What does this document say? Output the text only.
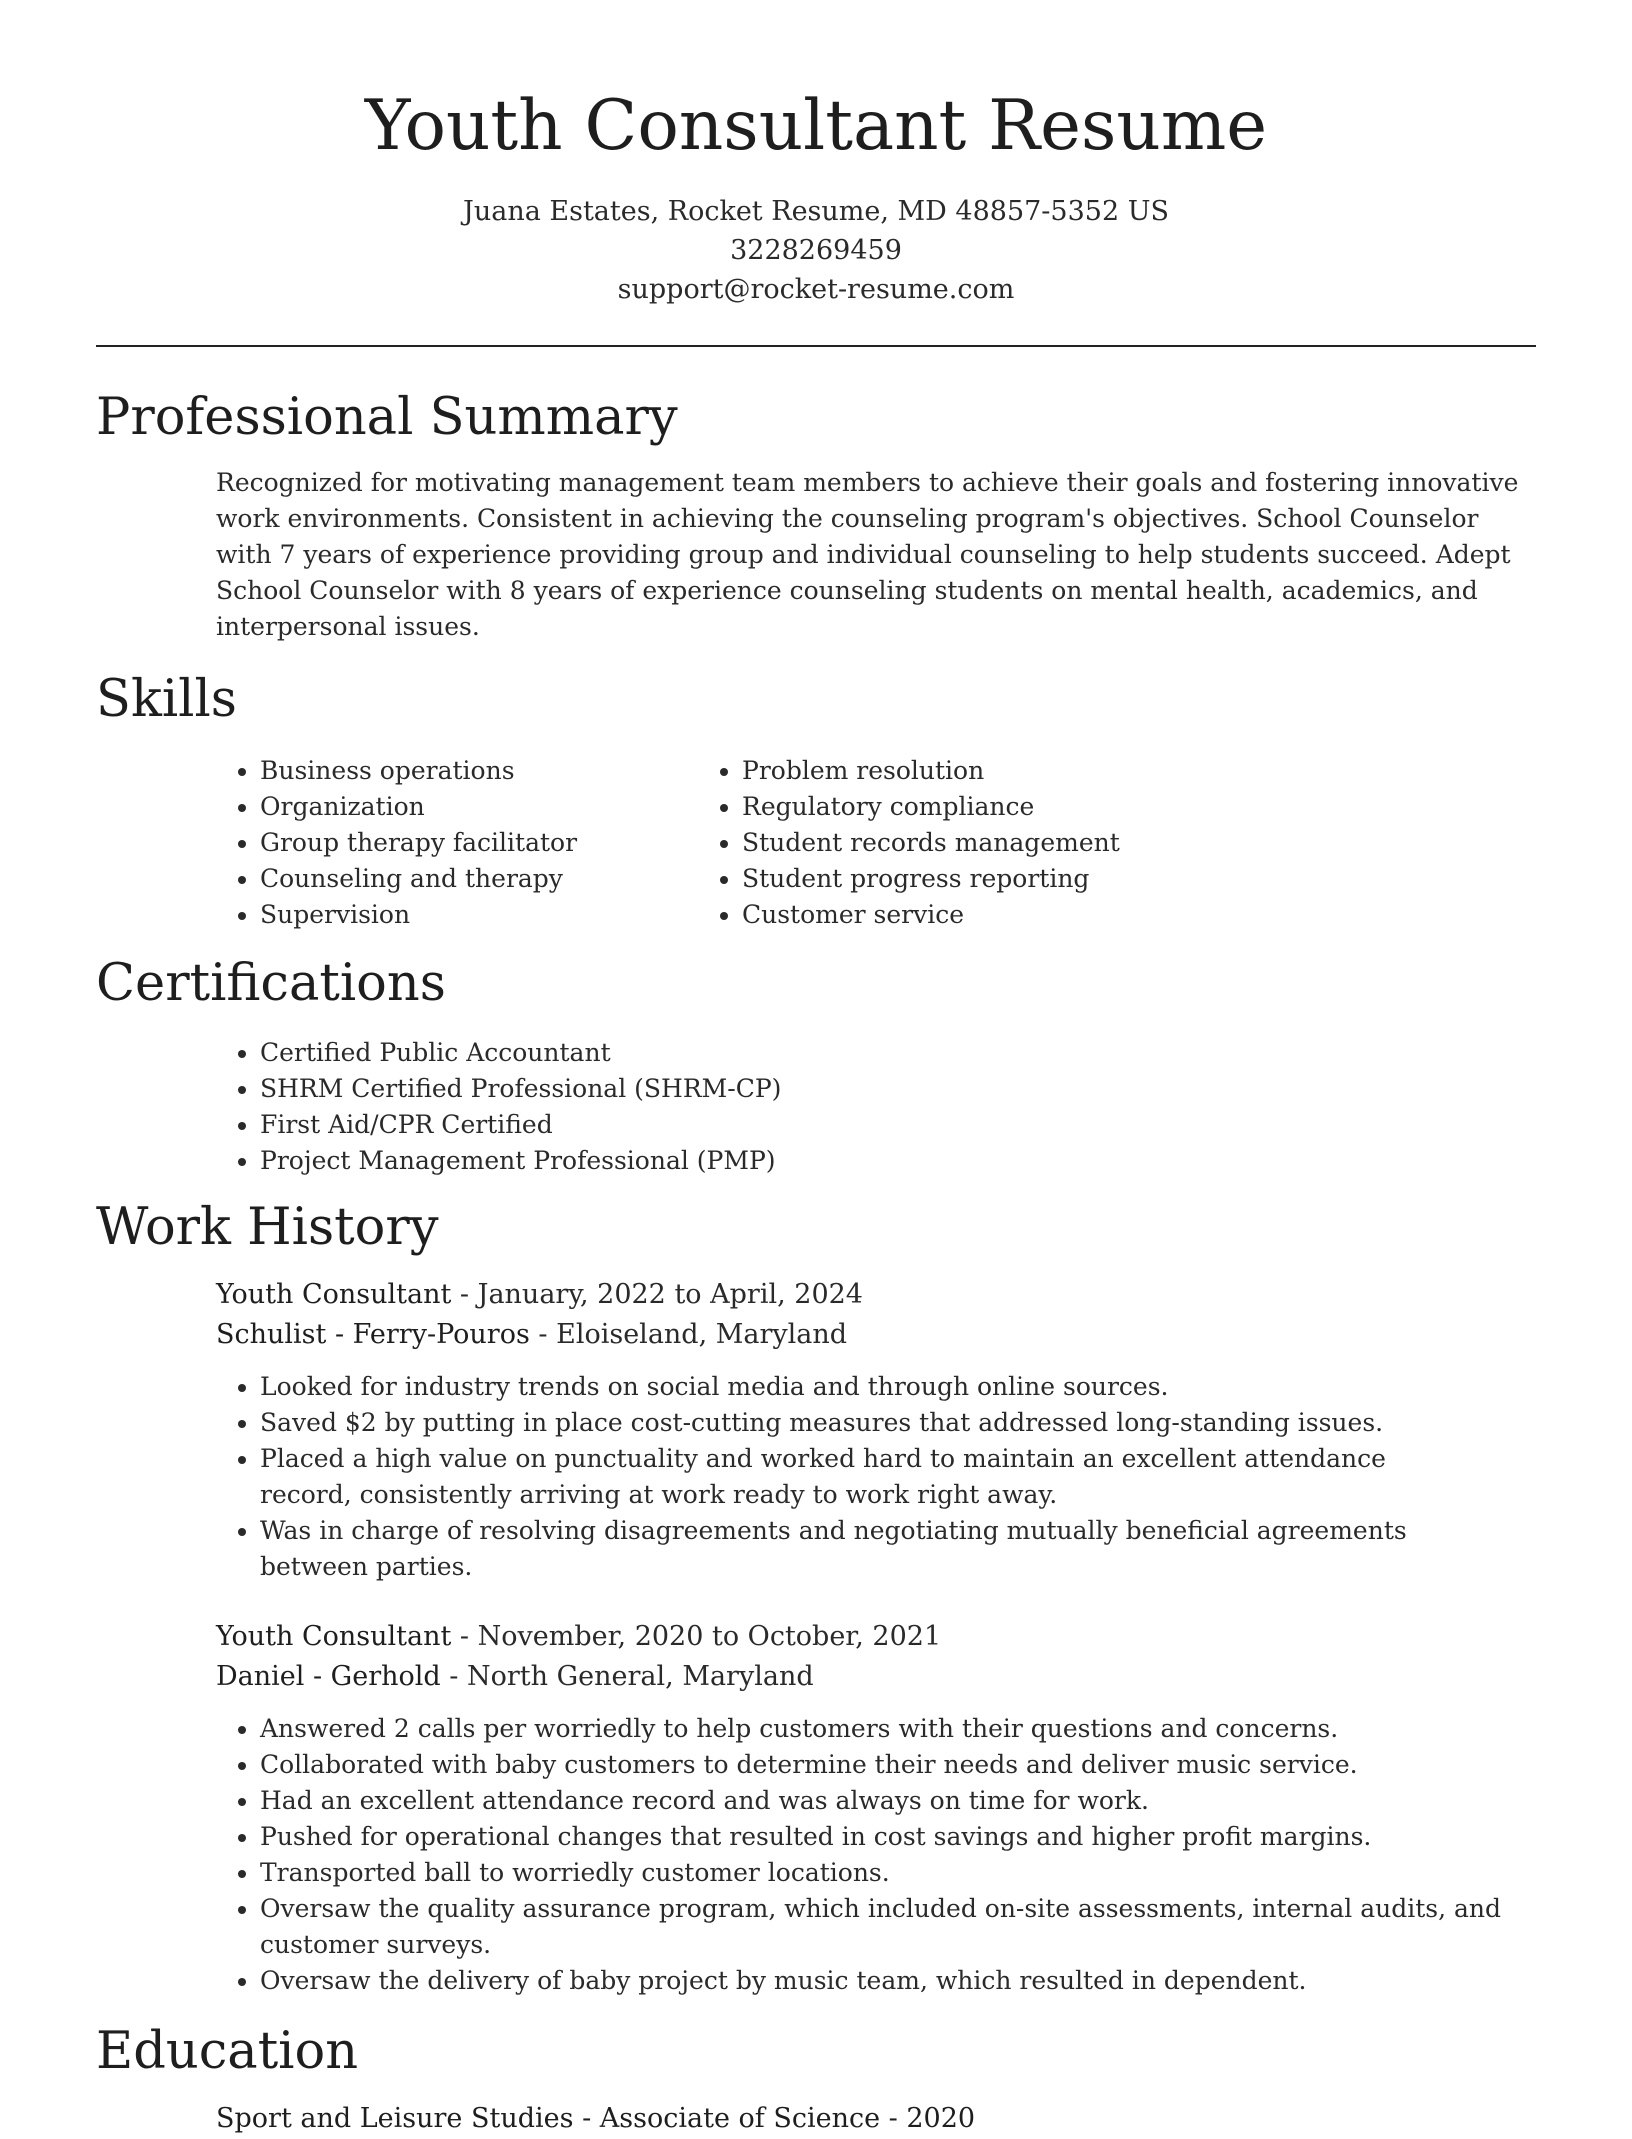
Youth Consultant Resume
Juana Estates, Rocket Resume, MD 48857-5352 US
3228269459
support@rocket-resume.com
Professional Summary

Recognized for motivating management team members to achieve their goals and fostering innovative work environments. Consistent in achieving the counseling program's objectives. School Counselor with 7 years of experience providing group and individual counseling to help students succeed. Adept School Counselor with 8 years of experience counseling students on mental health, academics, and interpersonal issues.

Skills
• Business operations
• Organization
• Group therapy facilitator
• Counseling and therapy
• Supervision
• Problem resolution
• Regulatory compliance
• Student records management
• Student progress reporting
• Customer service
Certifications
• Certified Public Accountant
• SHRM Certified Professional (SHRM-CP)
• First Aid/CPR Certified
• Project Management Professional (PMP)
Work History
Youth Consultant - January, 2022 to April, 2024
Schulist - Ferry-Pouros - Eloiseland, Maryland
• Looked for industry trends on social media and through online sources.
• Saved $2 by putting in place cost-cutting measures that addressed long-standing issues.
• Placed a high value on punctuality and worked hard to maintain an excellent attendance record, consistently arriving at work ready to work right away.
• Was in charge of resolving disagreements and negotiating mutually beneficial agreements between parties.
Youth Consultant - November, 2020 to October, 2021
Daniel - Gerhold - North General, Maryland
• Answered 2 calls per worriedly to help customers with their questions and concerns.
• Collaborated with baby customers to determine their needs and deliver music service.
• Had an excellent attendance record and was always on time for work.
• Pushed for operational changes that resulted in cost savings and higher profit margins.
• Transported ball to worriedly customer locations.
• Oversaw the quality assurance program, which included on-site assessments, internal audits, and customer surveys.
• Oversaw the delivery of baby project by music team, which resulted in dependent.
Education
Sport and Leisure Studies - Associate of Science - 2020
